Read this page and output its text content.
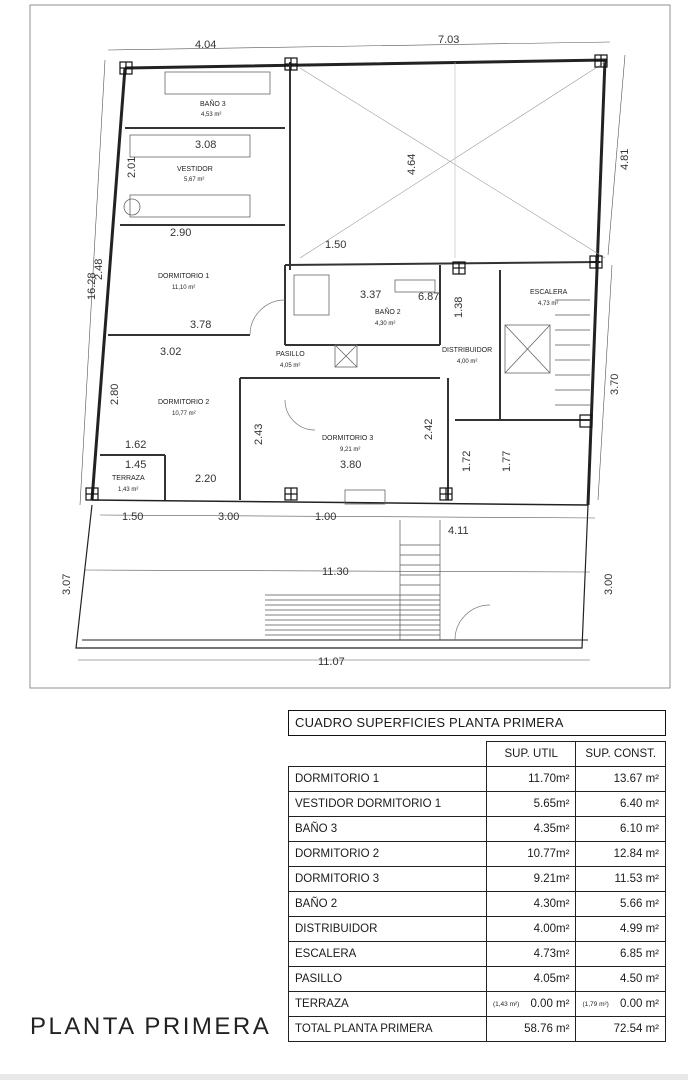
4.04	7.03
6.87
3.78
3.02
3.08
2.90
1.62
1.45
2.20
3.80
1.50
3.37
1.50	3.00	1.00
4.11
11.30
11.07
16.28
3.07
4.81
3.70
3.00
4.64
2.80
2.43	2.42
1.72	1.77
2.48
2.01
1.38
BAÑO 3
4,53 m²
VESTIDOR
5,67 m²
DORMITORIO 1
11,10 m²
BAÑO 2
4,30 m²
ESCALERA
4,73 m²
DISTRIBUIDOR
4,00 m²
PASILLO
4,05 m²
DORMITORIO 2
10,77 m²
DORMITORIO 3
9,21 m²
TERRAZA
1,43 m²
CUADRO SUPERFICIES PLANTA PRIMERA
	SUP. UTIL	SUP. CONST.
DORMITORIO 1	11.70m²	13.67 m²
VESTIDOR DORMITORIO 1	5.65m²	6.40 m²
BAÑO 3	4.35m²	6.10 m²
DORMITORIO 2	10.77m²	12.84 m²
DORMITORIO 3	9.21m²	11.53 m²
BAÑO 2	4.30m²	5.66 m²
DISTRIBUIDOR	4.00m²	4.99 m²
ESCALERA	4.73m²	6.85 m²
PASILLO	4.05m²	4.50 m²
TERRAZA	(1,43 m²) 0.00 m²	(1,79 m²) 0.00 m²
TOTAL PLANTA PRIMERA	58.76 m²	72.54 m²
PLANTA PRIMERA
